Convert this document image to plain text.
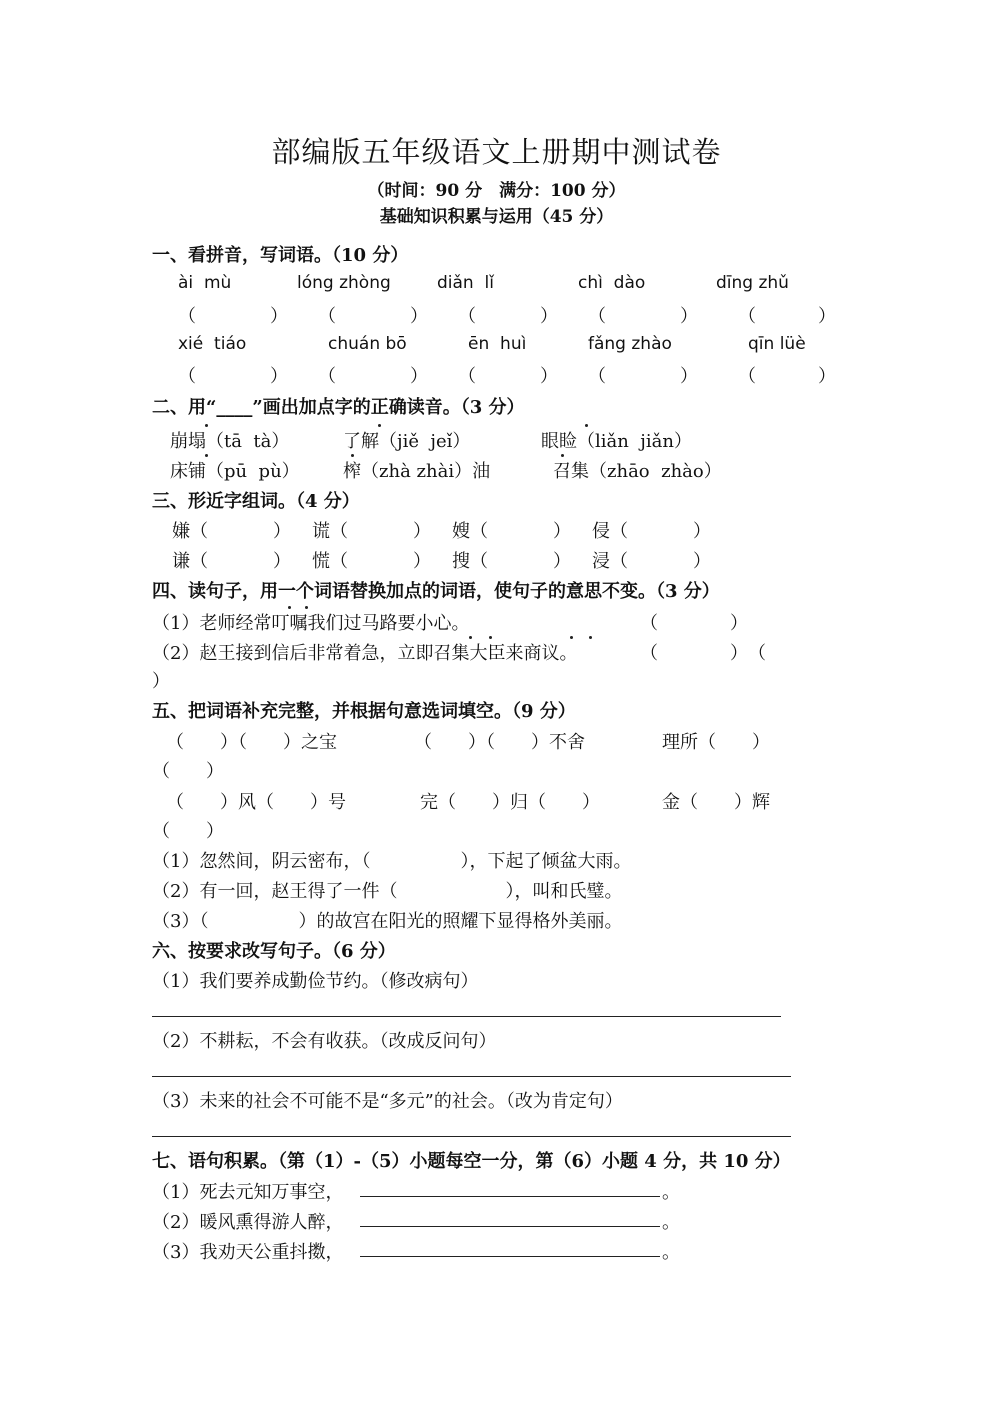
部编版五年级语文上册期中测试卷
（时间：90 分　满分：100 分）
基础知识积累与运用（45 分）
一、看拼音，写词语。（10 分）
ài  mù	lóng zhòng	diǎn  lǐ	chì  dào	dīng zhǔ
（	） （	） （	） （	） （	）
xié  tiáo	chuán bō	ēn  huì	fǎng zhào	qīn lüè
（	） （	） （	） （	） （	）
二、用“____”画出加点字的正确读音。（3 分）
崩塌（tā  tà）	了解（jiě  jeǐ）	眼睑（liǎn  jiǎn）
床铺（pū  pù） 榨（zhà zhài）油	召集（zhāo  zhào）
三、形近字组词。（4 分）
嫌（	） 谎（	） 嫂（	） 侵（	）
谦（	） 慌（	） 搜（	） 浸（	）
四、读句子，用一个词语替换加点的词语，使句子的意思不变。（3 分）
（1）老师经常叮嘱我们过马路要小心。	（　　　　）
（2）赵王接到信后非常着急，立即召集大臣来商议。	（　　　　）　（
）
五、把词语补充完整，并根据句意选词填空。（9 分）
（　　）（　　）之宝	（　　）（　　）不舍	理所（　　）
（　　）
（　　）风（　　）号	完（　　）归（　　）	金（　　）辉
（　　）
（1）忽然间，阴云密布，（　　　　　），下起了倾盆大雨。
（2）有一回，赵王得了一件（　　　　　　），叫和氏璧。
（3）（　　　　　）的故宫在阳光的照耀下显得格外美丽。
六、按要求改写句子。（6 分）
（1）我们要养成勤俭节约。（修改病句）
（2）不耕耘，不会有收获。（改成反问句）
（3）未来的社会不可能不是“多元”的社会。（改为肯定句）
七、语句积累。（第（1）-（5）小题每空一分，第（6）小题 4 分，共 10 分）
（1）死去元知万事空，	。
（2）暖风熏得游人醉，	。
（3）我劝天公重抖擞，	。
